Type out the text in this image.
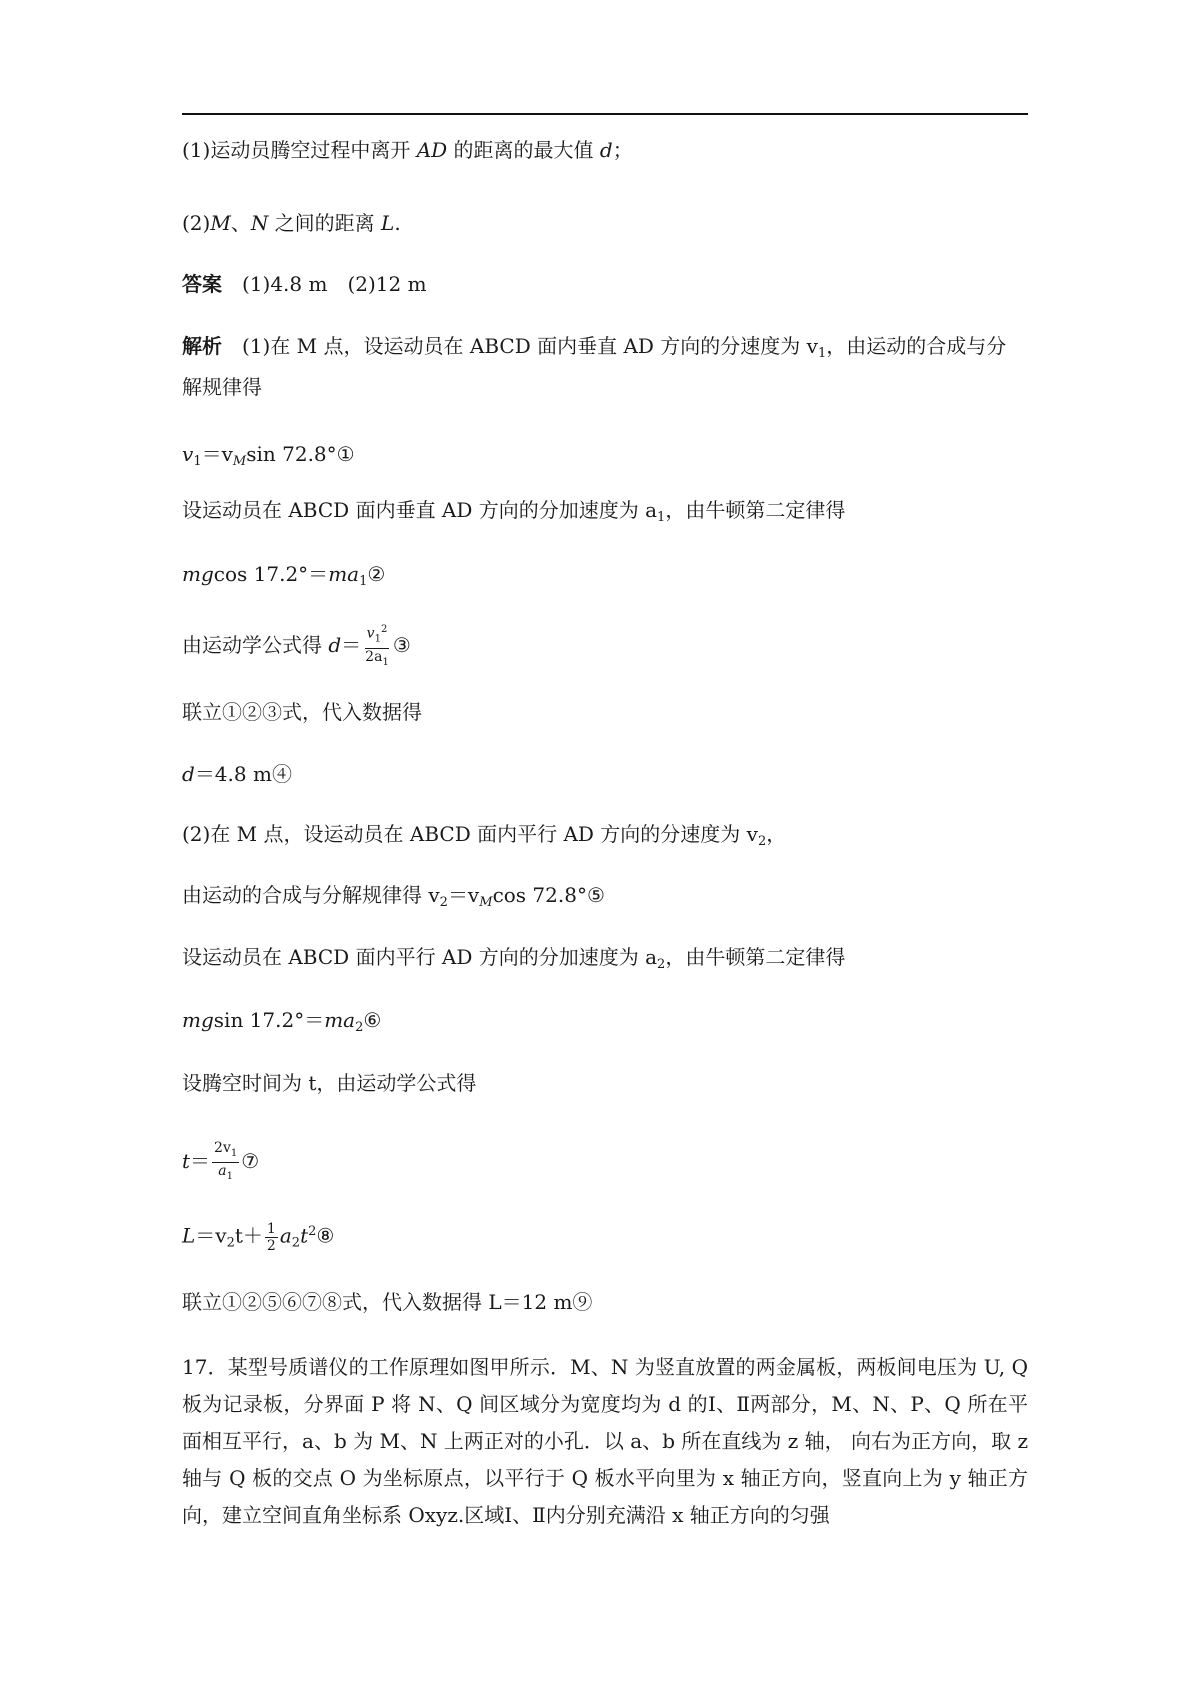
(1)运动员腾空过程中离开 AD 的距离的最大值 d；
(2)M、N 之间的距离 L.
答案　 (1)4.8 m　(2)12 m
解析　 (1)在 M 点，设运动员在 ABCD 面内垂直 AD 方向的分速度为 $v_1$，由运动的合成与分
解规律得
$v_1=v_M\sin$ 72.8°①
设运动员在 ABCD 面内垂直 AD 方向的分加速度为 $a_1$，由牛顿第二定律得
mgcos $17.2^\circ=ma_1②$
由运动学公式得 $d= \frac{v_1^2}{2a_1}$ ③
联立①②③式，代入数据得
d＝4.8 m④
(2)在 M 点，设运动员在 ABCD 面内平行 AD 方向的分速度为 $v_2$，
由运动的合成与分解规律得 $v_2=v_M\cos$ 72.8°⑤
设运动员在 ABCD 面内平行 AD 方向的分加速度为 $a_2$，由牛顿第二定律得
mgsin $17.2^\circ=ma_2⑥$
设腾空时间为 t，由运动学公式得
$t= \frac{2v_1}{a_1}$ ⑦
$L=v_2t+ \frac{1}{2}$ $a_2t^2⑧$
联立①②⑤⑥⑦⑧式，代入数据得 L＝12 m⑨
17．某型号质谱仪的工作原理如图甲所示．M、N 为竖直放置的两金属板，两板间电压为 U, Q 板为记录板，分界面 P 将 N、Q 间区域分为宽度均为 d 的Ⅰ、Ⅱ两部分，M、N、P、Q 所在平面相互平行，a、b 为 M、N 上两正对的小孔．以 a、b 所在直线为 z 轴， 向右为正方向，取 z 轴与 Q 板的交点 O 为坐标原点，以平行于 Q 板水平向里为 x 轴正方向，竖直向上为 y 轴正方向，建立空间直角坐标系 Oxyz.区域Ⅰ、Ⅱ内分别充满沿 x 轴正方向的匀强
